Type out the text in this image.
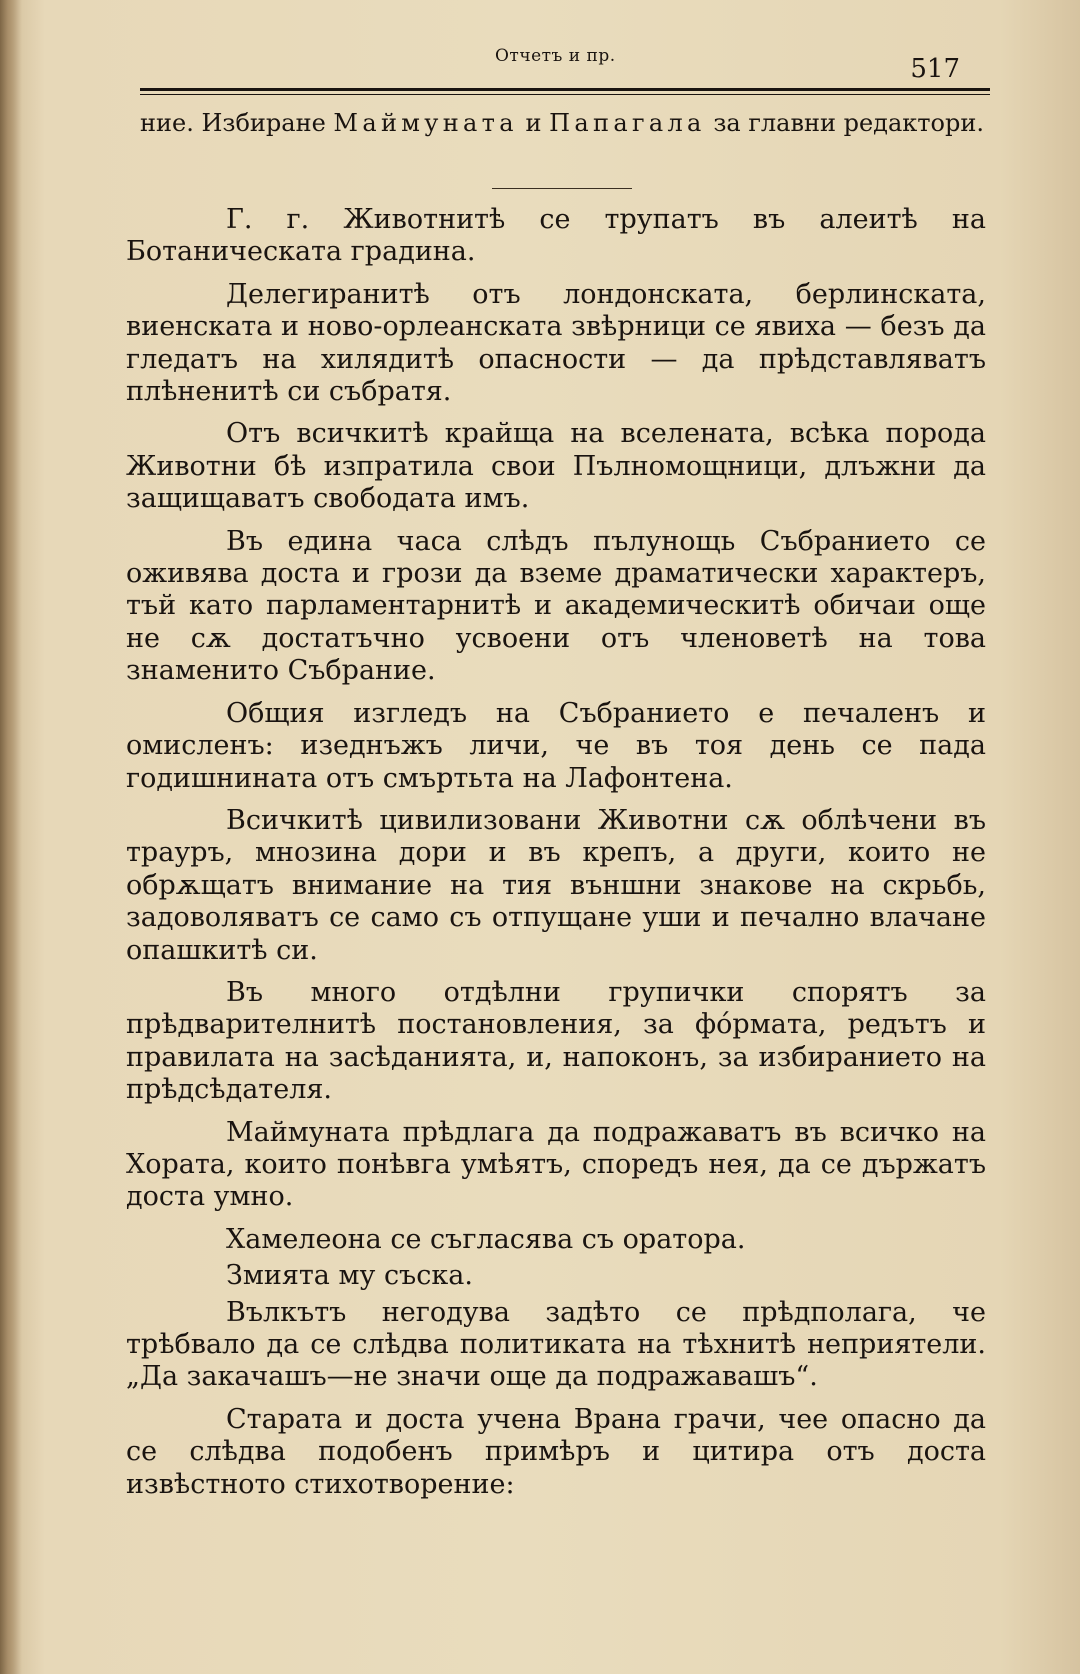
Отчетъ и пр.	517
ние. Избиране Маймуната и Папагала за главни редактори.

Г. г. Животнитѣ се трупатъ въ алеитѣ на Ботаническата градина.

Делегиранитѣ отъ лондонската, берлинската, виенската и ново-орлеанската звѣрници се явиха — безъ да гледатъ на хилядитѣ опасности — да прѣдставляватъ плѣненитѣ си събратя.

Отъ всичкитѣ крайща на вселената, всѣка порода Животни бѣ изпратила свои Пълномощници, длъжни да защищаватъ свободата имъ.

Въ единa часа слѣдъ пълунощь Събранието се оживява доста и грози да вземе драматически характеръ, тъй като парламентарнитѣ и академическитѣ обичаи още не сѫ достатъчно усвоени отъ членоветѣ на това знаменито Събрание.

Общия изгледъ на Събранието е печаленъ и омисленъ: изеднъжъ личи, че въ тоя день се пада годишнината отъ смъртьта на Лафонтена.

Всичкитѣ цивилизовани Животни сѫ облѣчени въ трауръ, мнозина дори и въ крепъ, а други, които не обрѫщатъ внимание на тия външни знакове на скрьбь, задоволяватъ се само съ отпущане уши и печално влачане опашкитѣ си.

Въ много отдѣлни групички спорятъ за прѣдварителнитѣ постановления, за фóрмата, редътъ и правилата на засѣданията, и, напоконъ, за избиранието на прѣдсѣдателя.

Маймуната прѣдлага да подражаватъ въ всичко на Хората, които понѣвга умѣятъ, споредъ нея, да се държатъ доста умно.

Хамелеона се съгласява съ оратора.

Змията му съска.

Вълкътъ негодува задѣто се прѣдполага, че трѣбвало да се слѣдва политиката на тѣхнитѣ неприятели. „Да закачашъ—не значи още да подражавашъ“.

Старата и доста учена Врана грачи, чее опасно да се слѣдва подобенъ примѣръ и цитира отъ доста извѣстното стихотворение:
